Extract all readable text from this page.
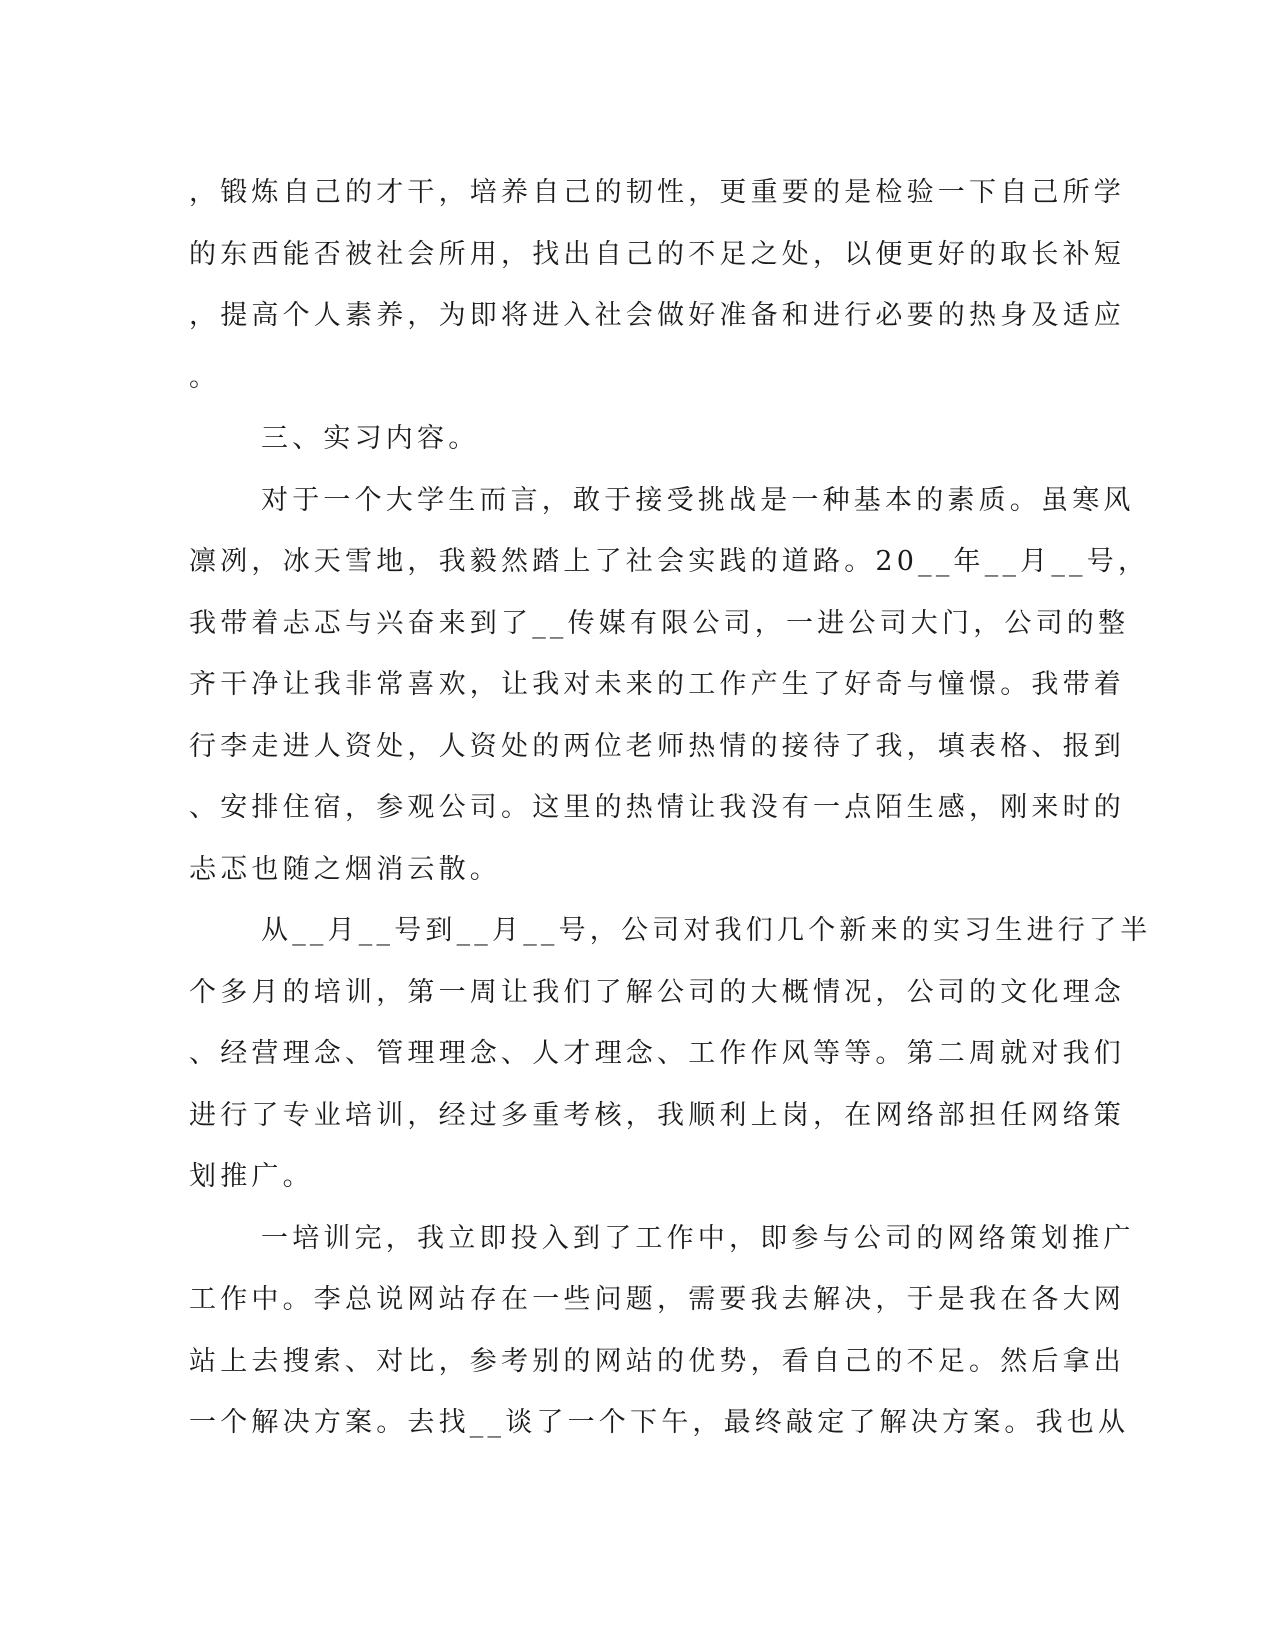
，锻炼自己的才干，培养自己的韧性，更重要的是检验一下自己所学
的东西能否被社会所用，找出自己的不足之处，以便更好的取长补短
，提高个人素养，为即将进入社会做好准备和进行必要的热身及适应
。
三、实习内容。
对于一个大学生而言，敢于接受挑战是一种基本的素质。虽寒风
凛冽，冰天雪地，我毅然踏上了社会实践的道路。20__年__月__号，
我带着忐忑与兴奋来到了__传媒有限公司，一进公司大门，公司的整
齐干净让我非常喜欢，让我对未来的工作产生了好奇与憧憬。我带着
行李走进人资处，人资处的两位老师热情的接待了我，填表格、报到
、安排住宿，参观公司。这里的热情让我没有一点陌生感，刚来时的
忐忑也随之烟消云散。
从__月__号到__月__号，公司对我们几个新来的实习生进行了半
个多月的培训，第一周让我们了解公司的大概情况，公司的文化理念
、经营理念、管理理念、人才理念、工作作风等等。第二周就对我们
进行了专业培训，经过多重考核，我顺利上岗，在网络部担任网络策
划推广。
一培训完，我立即投入到了工作中，即参与公司的网络策划推广
工作中。李总说网站存在一些问题，需要我去解决，于是我在各大网
站上去搜索、对比，参考别的网站的优势，看自己的不足。然后拿出
一个解决方案。去找__谈了一个下午，最终敲定了解决方案。我也从
